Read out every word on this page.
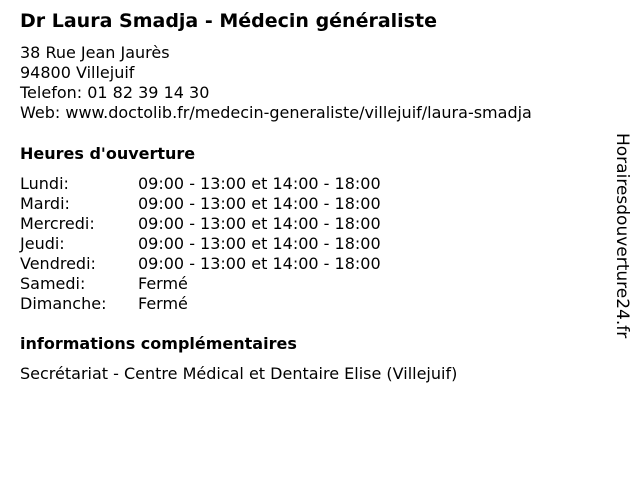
Dr Laura Smadja - Médecin généraliste
38 Rue Jean Jaurès
94800 Villejuif
Telefon: 01 82 39 14 30
Web: www.doctolib.fr/medecin-generaliste/villejuif/laura-smadja
Heures d'ouverture
Lundi:	09:00 - 13:00 et 14:00 - 18:00
Mardi:	09:00 - 13:00 et 14:00 - 18:00
Mercredi:	09:00 - 13:00 et 14:00 - 18:00
Jeudi:	09:00 - 13:00 et 14:00 - 18:00
Vendredi:	09:00 - 13:00 et 14:00 - 18:00
Samedi:	Fermé
Dimanche:	Fermé
informations complémentaires
Secrétariat - Centre Médical et Dentaire Elise (Villejuif)
Horairesdouverture24.fr
